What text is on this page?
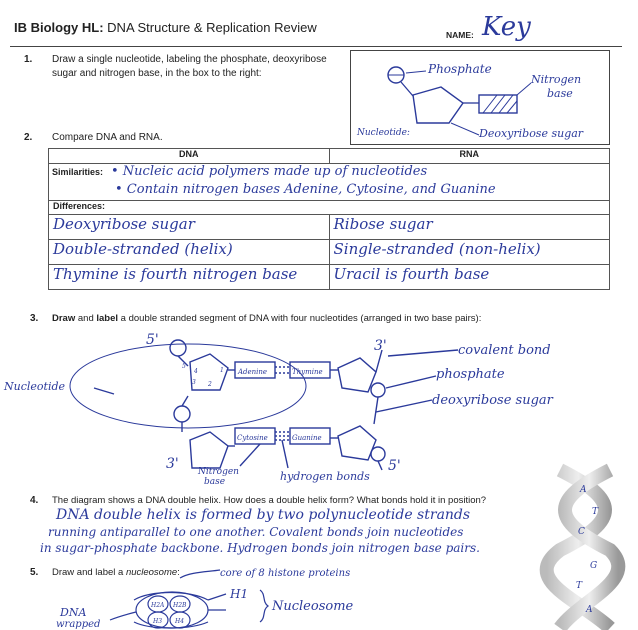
IB Biology HL: DNA Structure & Replication Review	NAME: Key
1. Draw a single nucleotide, labeling the phosphate, deoxyribose
sugar and nitrogen base, in the box to the right:	Phosphate
Nitrogen
base
Nucleotide:	Deoxyribose sugar
2. Compare DNA and RNA.
DNA	RNA

Similarities: • Nucleic acid polymers made up of nucleotides
• Contain nitrogen bases Adenine, Cytosine, and Guanine	

Differences:	
Deoxyribose sugar	Ribose sugar
Double-stranded (helix)	Single-stranded (non-helix)
Thymine is fourth nitrogen base	Uracil is fourth base
3. Draw and label a double stranded segment of DNA with four nucleotides (arranged in two base pairs):
5'	3'
3'	5'
Adenine	Thymine
Cytosine	Guanine
4
3 2
1
5
Nucleotide
covalent bond
phosphate
deoxyribose sugar
Nitrogen
base	hydrogen bonds
4. The diagram shows a DNA double helix. How does a double helix form? What bonds hold it in position?
DNA double helix is formed by two polynucleotide strands
running antiparallel to one another. Covalent bonds join nucleotides
in sugar-phosphate backbone. Hydrogen bonds join nitrogen base pairs.
A
T
C
G
T
A
5. Draw and label a nucleosome:	core of 8 histone proteins
H1
Nucleosome
DNA
wrapped
H2A H2B
H3 H4
